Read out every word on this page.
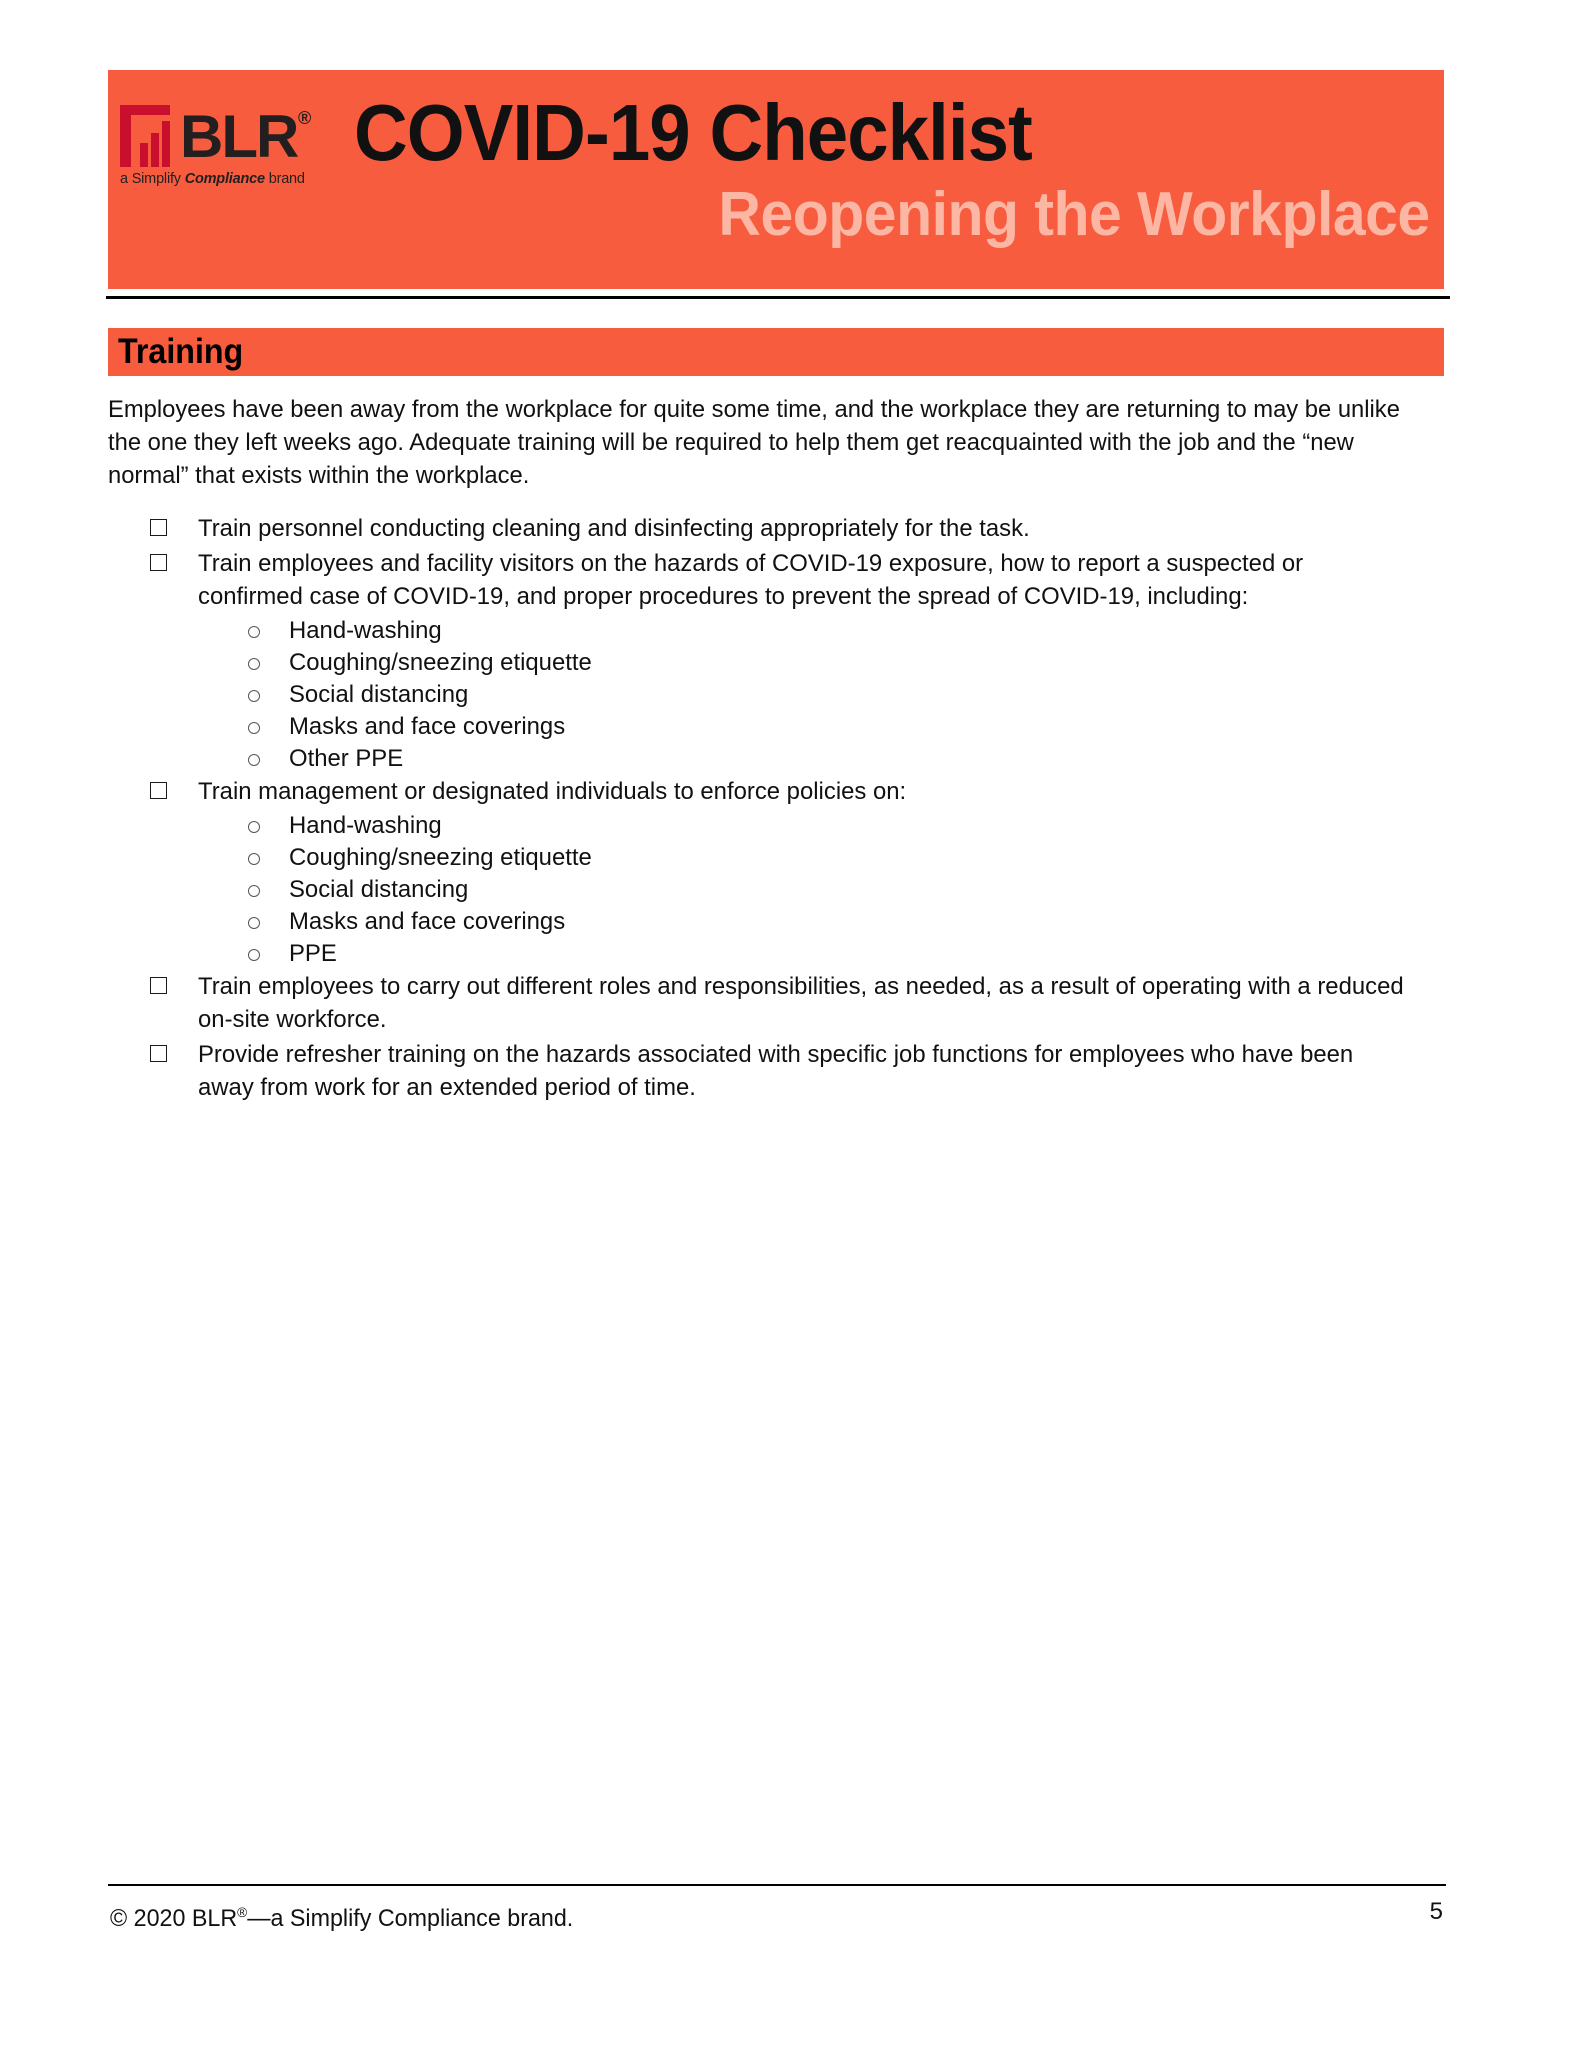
BLR ®
a Simplify Compliance brand
COVID-19 Checklist
Reopening the Workplace
Training
Employees have been away from the workplace for quite some time, and the workplace they are returning to may be unlike the one they left weeks ago. Adequate training will be required to help them get reacquainted with the job and the “new normal” that exists within the workplace.
Train personnel conducting cleaning and disinfecting appropriately for the task.
Train employees and facility visitors on the hazards of COVID-19 exposure, how to report a suspected or confirmed case of COVID-19, and proper procedures to prevent the spread of COVID-19, including:
Hand-washing
Coughing/sneezing etiquette
Social distancing
Masks and face coverings
Other PPE
Train management or designated individuals to enforce policies on:
Hand-washing
Coughing/sneezing etiquette
Social distancing
Masks and face coverings
PPE
Train employees to carry out different roles and responsibilities, as needed, as a result of operating with a reduced on-site workforce.
Provide refresher training on the hazards associated with specific job functions for employees who have been away from work for an extended period of time.
© 2020 BLR®—a Simplify Compliance brand.	5
